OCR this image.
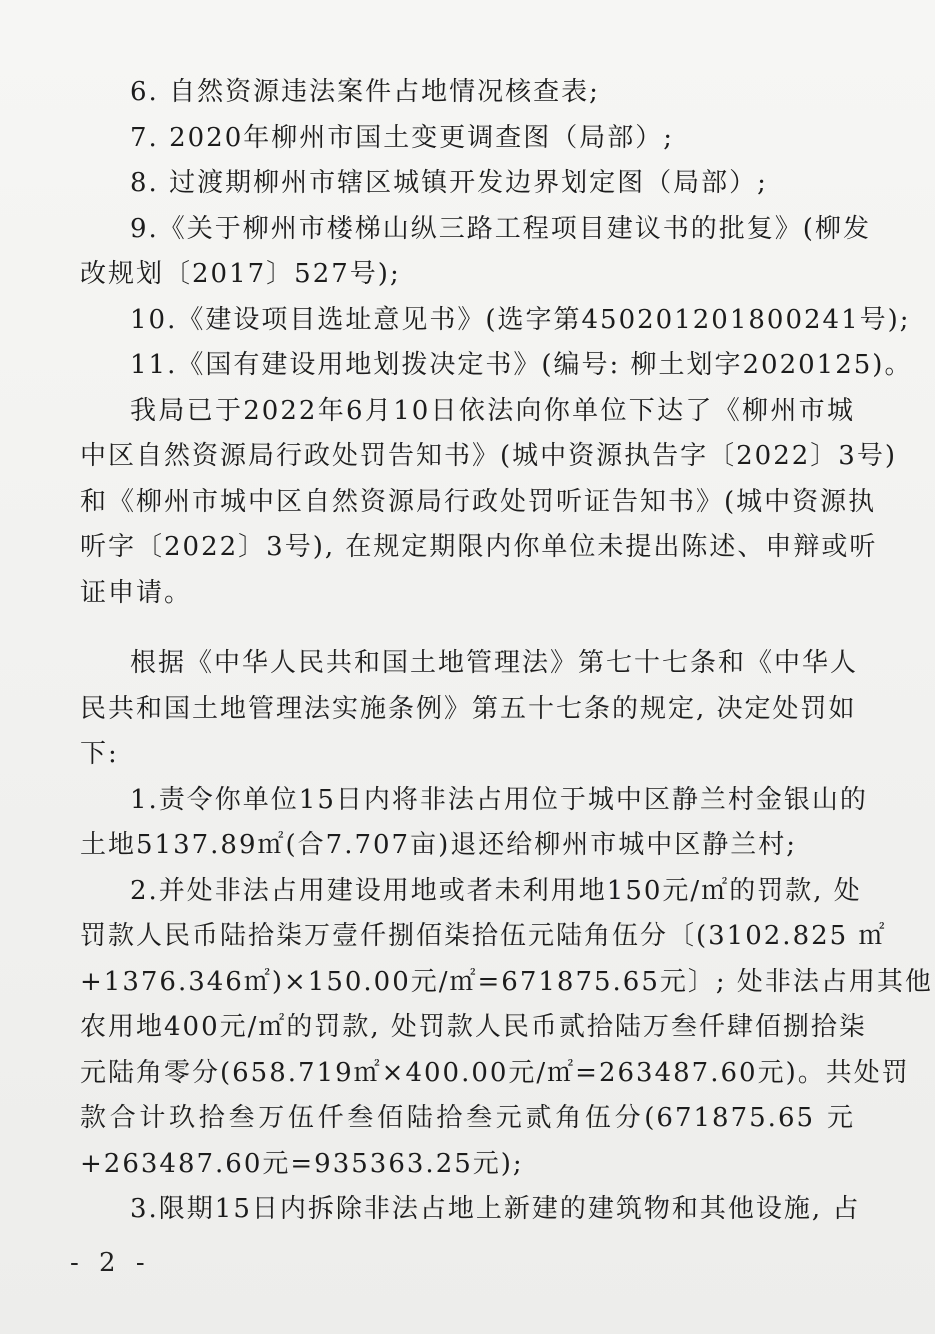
6. 自然资源违法案件占地情况核查表;
7. 2020年柳州市国土变更调查图（局部）;
8. 过渡期柳州市辖区城镇开发边界划定图（局部）;
9.《关于柳州市楼梯山纵三路工程项目建议书的批复》(柳发
改规划〔2017〕527号);
10.《建设项目选址意见书》(选字第450201201800241号);
11.《国有建设用地划拨决定书》(编号: 柳土划字2020125)。
我局已于2022年6月10日依法向你单位下达了《柳州市城
中区自然资源局行政处罚告知书》(城中资源执告字〔2022〕3号)
和《柳州市城中区自然资源局行政处罚听证告知书》(城中资源执
听字〔2022〕3号), 在规定期限内你单位未提出陈述、申辩或听
证申请。
根据《中华人民共和国土地管理法》第七十七条和《中华人
民共和国土地管理法实施条例》第五十七条的规定, 决定处罚如
下:
1.责令你单位15日内将非法占用位于城中区静兰村金银山的
土地5137.89㎡(合7.707亩)退还给柳州市城中区静兰村;
2.并处非法占用建设用地或者未利用地150元/㎡的罚款, 处
罚款人民币陆拾柒万壹仟捌佰柒拾伍元陆角伍分〔(3102.825 ㎡
+1376.346㎡)×150.00元/㎡=671875.65元〕; 处非法占用其他
农用地400元/㎡的罚款, 处罚款人民币贰拾陆万叁仟肆佰捌拾柒
元陆角零分(658.719㎡×400.00元/㎡=263487.60元)。共处罚
款合计玖拾叁万伍仟叁佰陆拾叁元贰角伍分(671875.65 元
+263487.60元=935363.25元);
3.限期15日内拆除非法占地上新建的建筑物和其他设施, 占
- 2 -
